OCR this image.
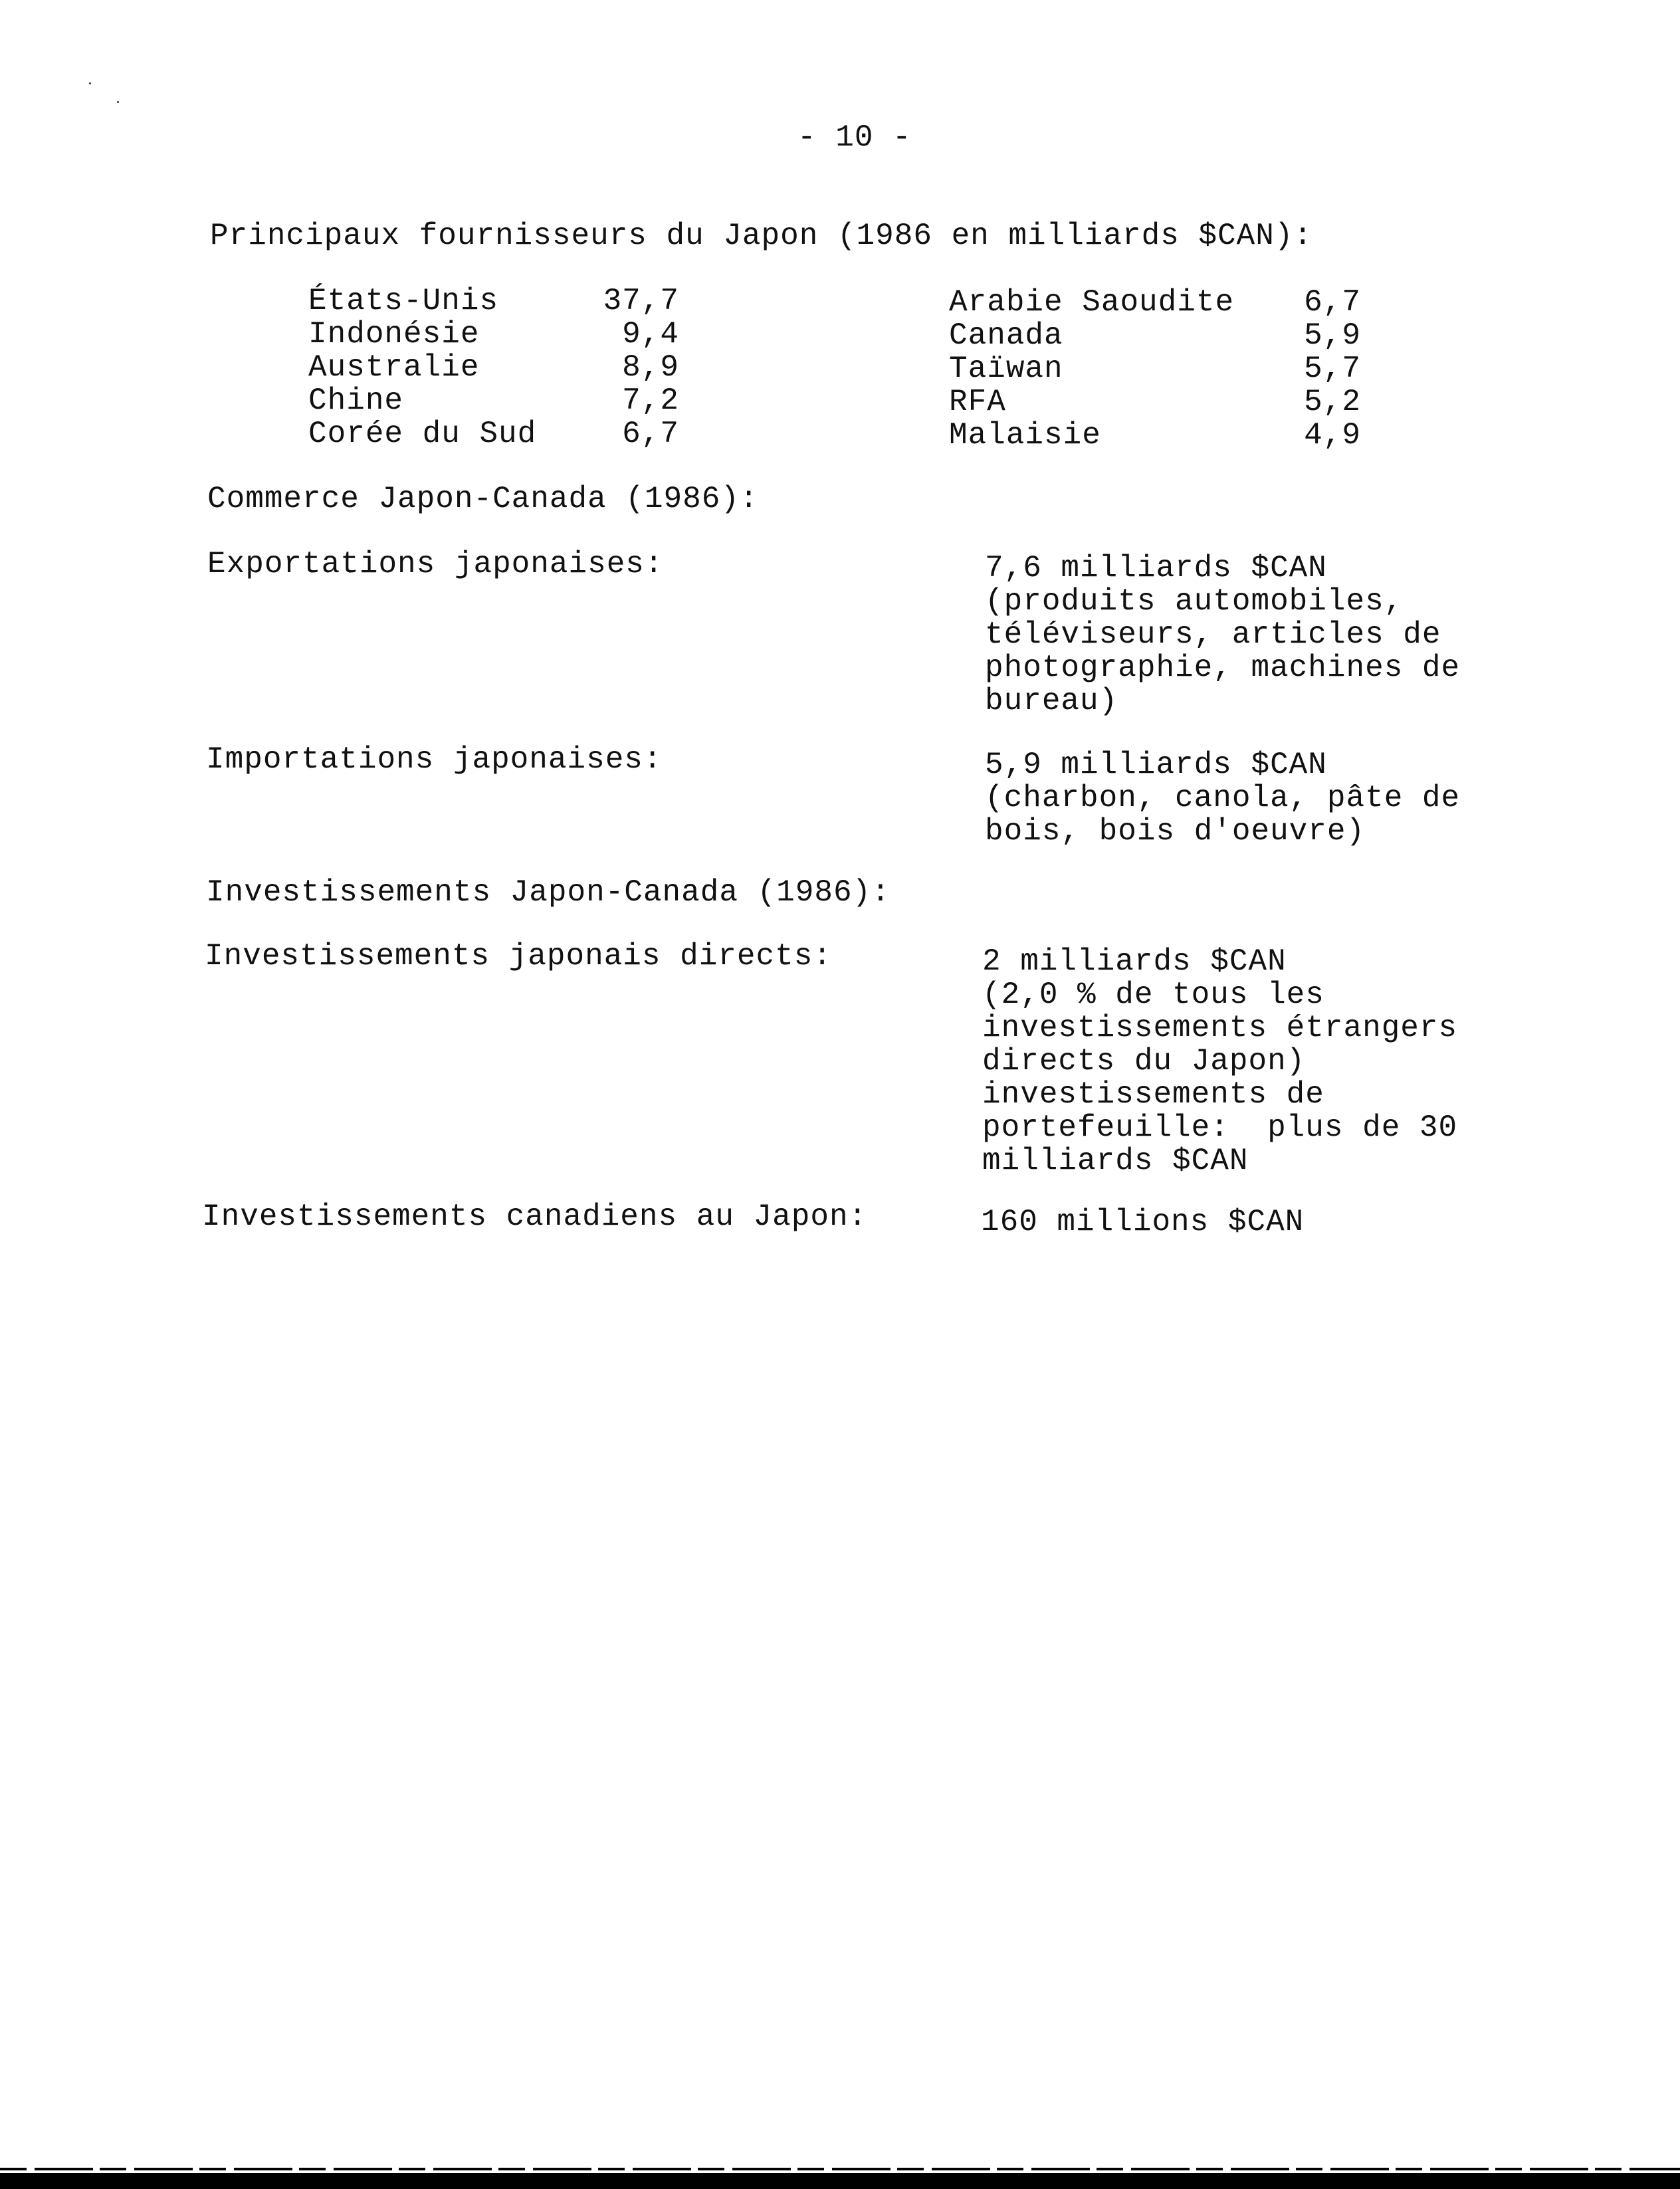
- 10 -
Principaux fournisseurs du Japon (1986 en milliards $CAN):
États-Unis	37,7
Indonésie	9,4
Australie	8,9
Chine	7,2
Corée du Sud	6,7
Arabie Saoudite	6,7
Canada	5,9
Taïwan	5,7
RFA	5,2
Malaisie	4,9
Commerce Japon-Canada (1986):
Exportations japonaises:	7,6 milliards $CAN
(produits automobiles,
téléviseurs, articles de
photographie, machines de
bureau)
Importations japonaises:	5,9 milliards $CAN
(charbon, canola, pâte de
bois, bois d'oeuvre)
Investissements Japon-Canada (1986):
Investissements japonais directs:	2 milliards $CAN
(2,0 % de tous les
investissements étrangers
directs du Japon)
investissements de
portefeuille:  plus de 30
milliards $CAN
Investissements canadiens au Japon:	160 millions $CAN
